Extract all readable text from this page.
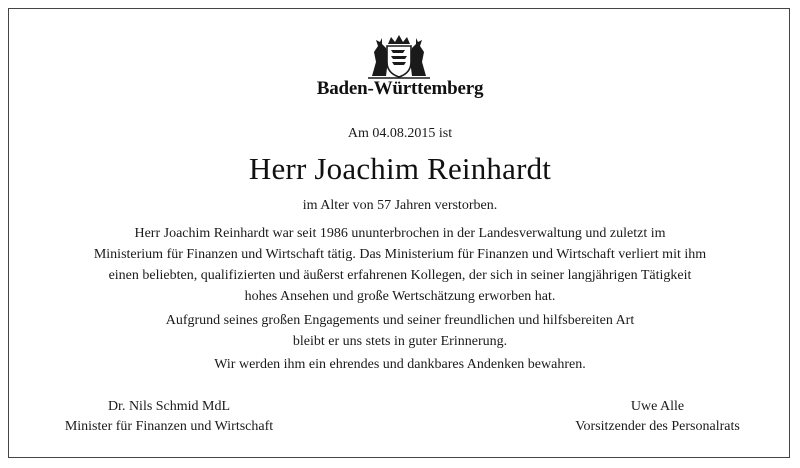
Baden-Württemberg
Am 04.08.2015 ist
Herr Joachim Reinhardt
im Alter von 57 Jahren verstorben.
Herr Joachim Reinhardt war seit 1986 ununterbrochen in der Landesverwaltung und zuletzt im
Ministerium für Finanzen und Wirtschaft tätig. Das Ministerium für Finanzen und Wirtschaft verliert mit ihm
einen beliebten, qualifizierten und äußerst erfahrenen Kollegen, der sich in seiner langjährigen Tätigkeit
hohes Ansehen und große Wertschätzung erworben hat.
Aufgrund seines großen Engagements und seiner freundlichen und hilfsbereiten Art
bleibt er uns stets in guter Erinnerung.
Wir werden ihm ein ehrendes und dankbares Andenken bewahren.
Dr. Nils Schmid MdL
Minister für Finanzen und Wirtschaft
Uwe Alle
Vorsitzender des Personalrats
